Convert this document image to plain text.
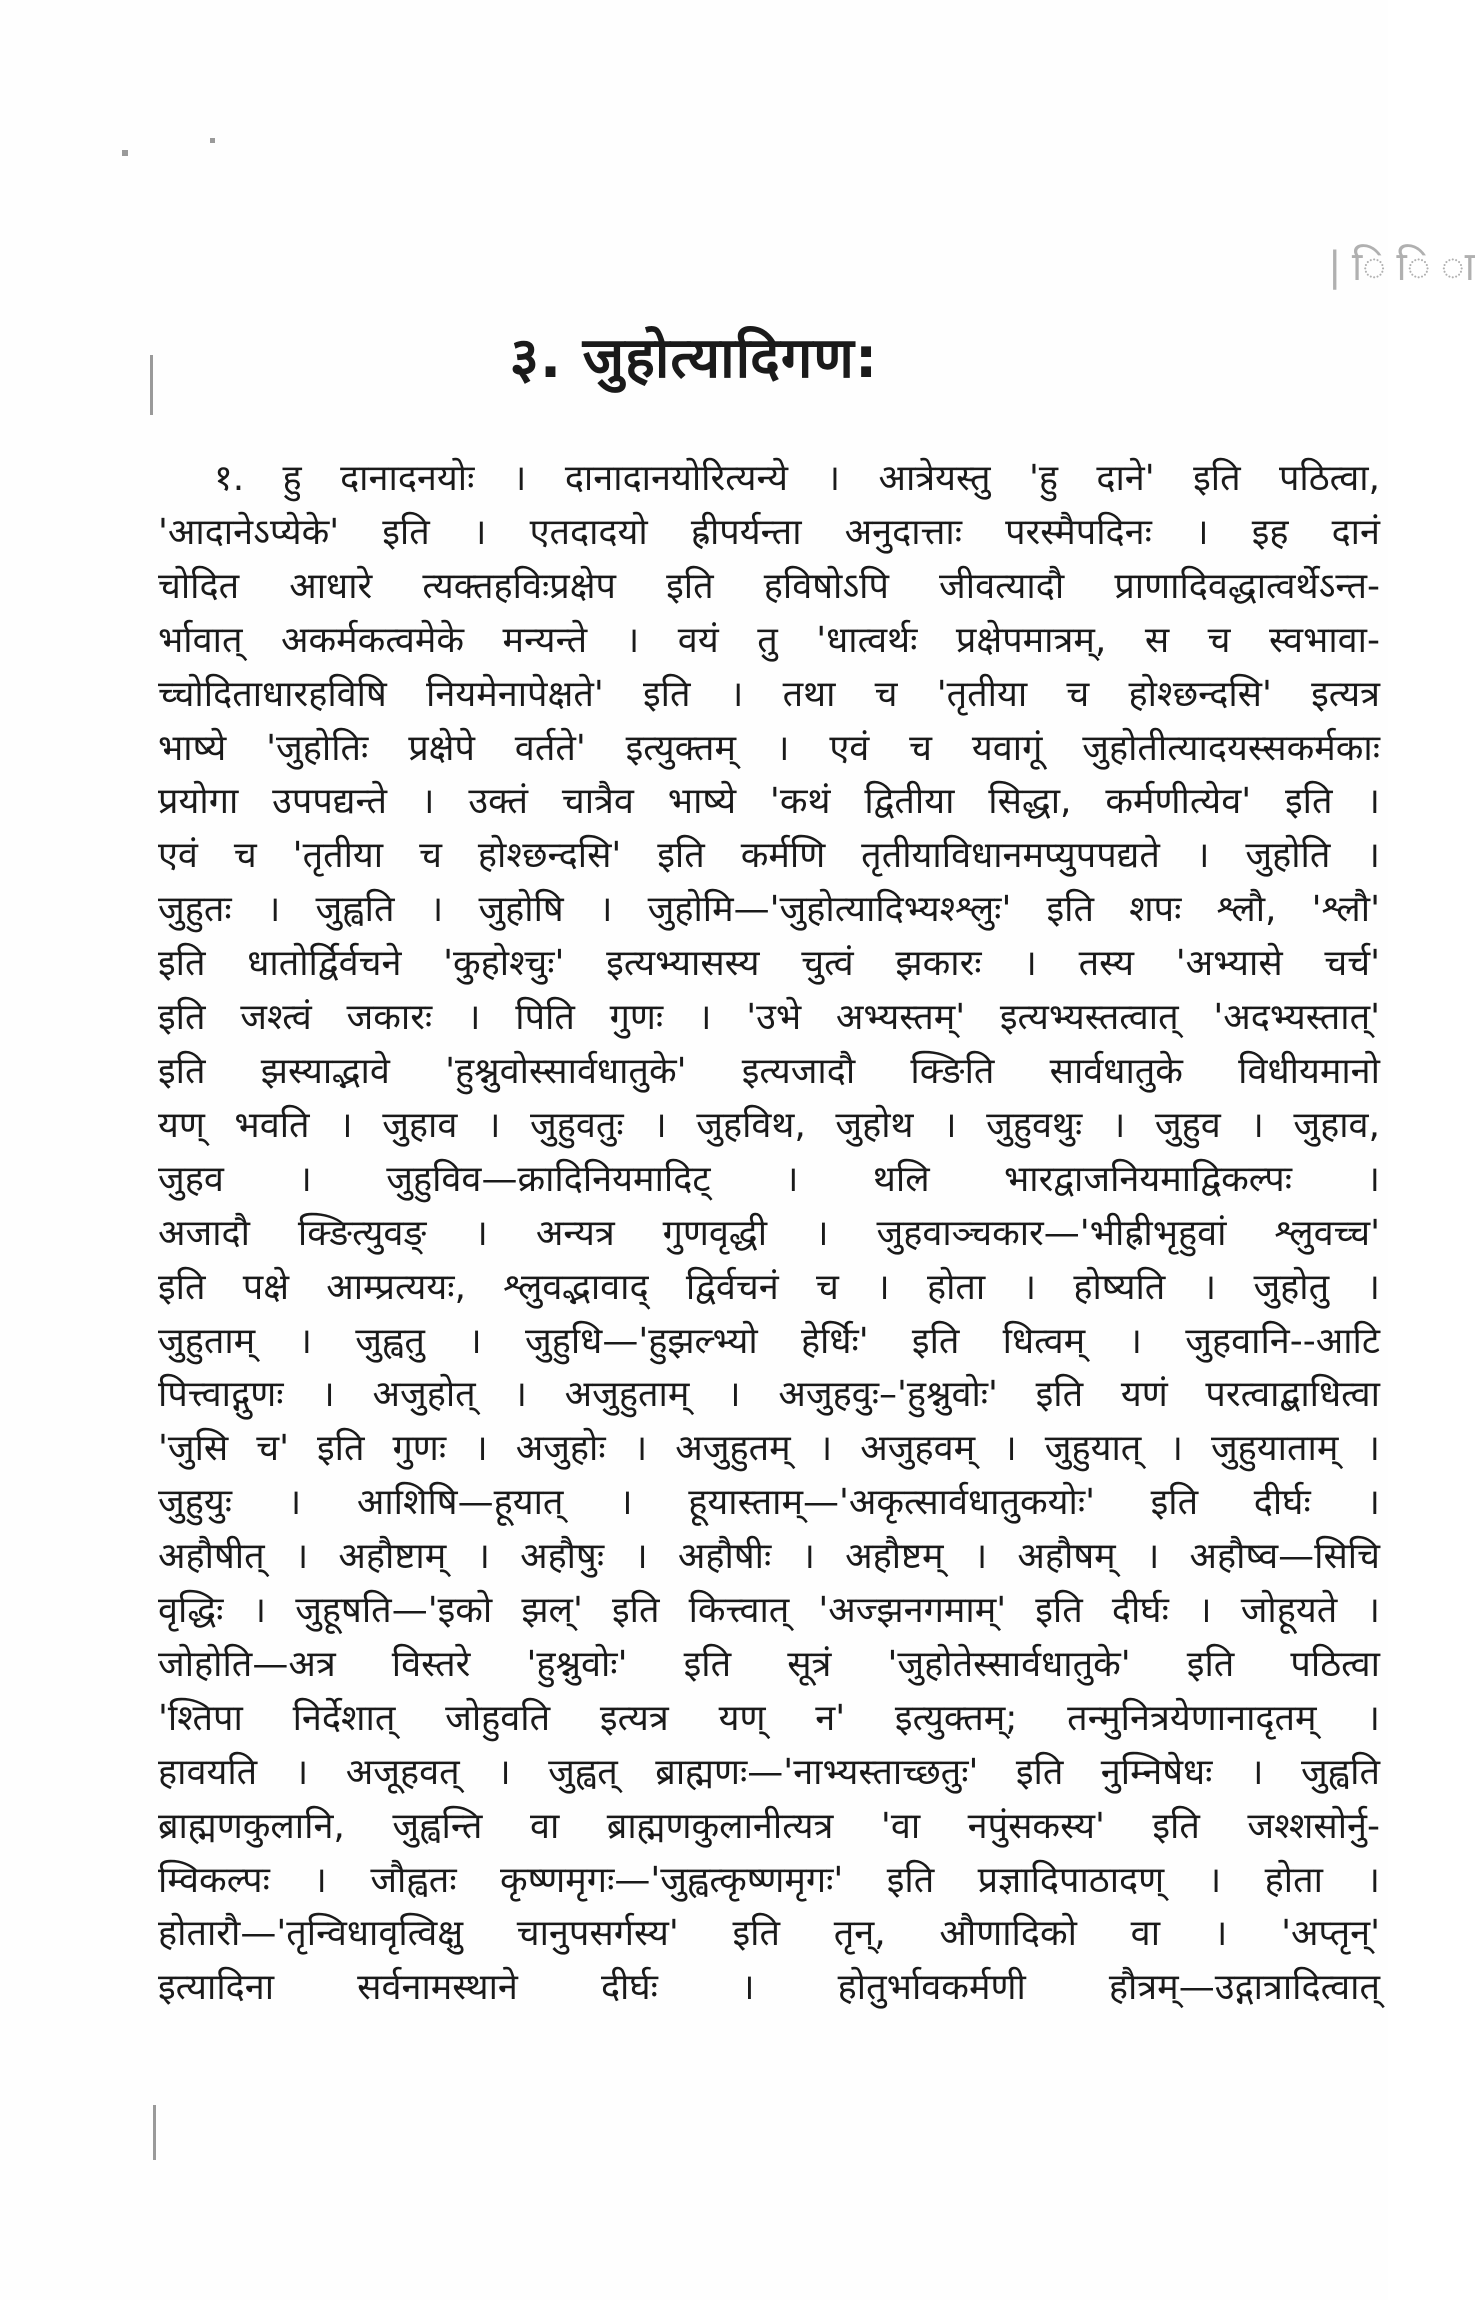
| ि ि ा
३. जुहोत्यादिगण:
१. हु दानादनयोः । दानादानयोरित्यन्ये । आत्रेयस्तु 'हु दाने' इति पठित्वा,
'आदानेऽप्येके' इति । एतदादयो ह्रीपर्यन्ता अनुदात्ताः परस्मैपदिनः । इह दानं
चोदित आधारे त्यक्तहविःप्रक्षेप इति हविषोऽपि जीवत्यादौ प्राणादिवद्धात्वर्थेऽन्त-
र्भावात् अकर्मकत्वमेके मन्यन्ते । वयं तु 'धात्वर्थः प्रक्षेपमात्रम्, स च स्वभावा-
च्चोदिताधारहविषि नियमेनापेक्षते' इति । तथा च 'तृतीया च होश्छन्दसि' इत्यत्र
भाष्ये 'जुहोतिः प्रक्षेपे वर्तते' इत्युक्तम् । एवं च यवागूं जुहोतीत्यादयस्सकर्मकाः
प्रयोगा उपपद्यन्ते । उक्तं चात्रैव भाष्ये 'कथं द्वितीया सिद्धा, कर्मणीत्येव' इति ।
एवं च 'तृतीया च होश्छन्दसि' इति कर्मणि तृतीयाविधानमप्युपपद्यते । जुहोति ।
जुहुतः । जुह्वति । जुहोषि । जुहोमि—'जुहोत्यादिभ्यश्श्लुः' इति शपः श्लौ, 'श्लौ'
इति धातोर्द्विर्वचने 'कुहोश्चुः' इत्यभ्यासस्य चुत्वं झकारः । तस्य 'अभ्यासे चर्च'
इति जश्त्वं जकारः । पिति गुणः । 'उभे अभ्यस्तम्' इत्यभ्यस्तत्वात् 'अदभ्यस्तात्'
इति झस्याद्भावे 'हुश्नुवोस्सार्वधातुके' इत्यजादौ क्ङिति सार्वधातुके विधीयमानो
यण् भवति । जुहाव । जुहुवतुः । जुहविथ, जुहोथ । जुहुवथुः । जुहुव । जुहाव,
जुहव । जुहुविव—क्रादिनियमादिट् । थलि भारद्वाजनियमाद्विकल्पः ।
अजादौ क्ङित्युवङ् । अन्यत्र गुणवृद्धी । जुहवाञ्चकार—'भीह्रीभृहुवां श्लुवच्च'
इति पक्षे आम्प्रत्ययः, श्लुवद्भावाद् द्विर्वचनं च । होता । होष्यति । जुहोतु ।
जुहुताम् । जुह्वतु । जुहुधि—'हुझल्भ्यो हेर्धिः' इति धित्वम् । जुहवानि--आटि
पित्त्वाद्गुणः । अजुहोत् । अजुहुताम् । अजुहवुः–'हुश्नुवोः' इति यणं परत्वाद्बाधित्वा
'जुसि च' इति गुणः । अजुहोः । अजुहुतम् । अजुहवम् । जुहुयात् । जुहुयाताम् ।
जुहुयुः । आशिषि—हूयात् । हूयास्ताम्—'अकृत्सार्वधातुकयोः' इति दीर्घः ।
अहौषीत् । अहौष्टाम् । अहौषुः । अहौषीः । अहौष्टम् । अहौषम् । अहौष्व—सिचि
वृद्धिः । जुहूषति—'इको झल्' इति कित्त्वात् 'अज्झनगमाम्' इति दीर्घः । जोहूयते ।
जोहोति—अत्र विस्तरे 'हुश्नुवोः' इति सूत्रं 'जुहोतेस्सार्वधातुके' इति पठित्वा
'श्तिपा निर्देशात् जोहुवति इत्यत्र यण् न' इत्युक्तम्; तन्मुनित्रयेणानादृतम् ।
हावयति । अजूहवत् । जुह्वत् ब्राह्मणः—'नाभ्यस्ताच्छतुः' इति नुम्निषेधः । जुह्वति
ब्राह्मणकुलानि, जुह्वन्ति वा ब्राह्मणकुलानीत्यत्र 'वा नपुंसकस्य' इति जश्शसोर्नु-
म्विकल्पः । जौह्वतः कृष्णमृगः—'जुह्वत्कृष्णमृगः' इति प्रज्ञादिपाठादण् । होता ।
होतारौ—'तृन्विधावृत्विक्षु चानुपसर्गस्य' इति तृन्, औणादिको वा । 'अप्तृन्'
इत्यादिना सर्वनामस्थाने दीर्घः । होतुर्भावकर्मणी हौत्रम्—उद्गात्रादित्वात्
